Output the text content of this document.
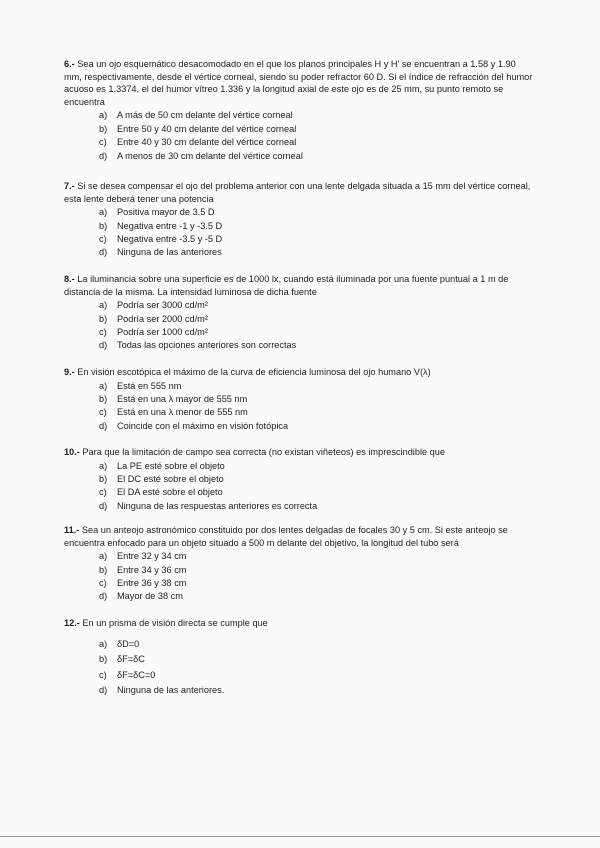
6.- Sea un ojo esquemático desacomodado en el que los planos principales H y H' se encuentran a 1.58 y 1.90 mm, respectivamente, desde el vértice corneal, siendo su poder refractor 60 D. Si el índice de refracción del humor acuoso es 1.3374, el del humor vítreo 1.336 y la longitud axial de este ojo es de 25 mm, su punto remoto se encuentra

a) A más de 50 cm delante del vértice corneal
b) Entre 50 y 40 cm delante del vértice corneal
c) Entre 40 y 30 cm delante del vértice corneal
d) A menos de 30 cm delante del vértice corneal

7.- Si se desea compensar el ojo del problema anterior con una lente delgada situada a 15 mm del vértice corneal, esta lente deberá tener una potencia

a) Positiva mayor de 3.5 D
b) Negativa entre -1 y -3.5 D
c) Negativa entre -3.5 y -5 D
d) Ninguna de las anteriores

8.- La iluminancia sobre una superficie es de 1000 lx, cuando está iluminada por una fuente puntual a 1 m de distancia de la misma. La intensidad luminosa de dicha fuente

a) Podría ser 3000 cd/m²
b) Podría ser 2000 cd/m²
c) Podría ser 1000 cd/m²
d) Todas las opciones anteriores son correctas

9.- En visión escotópica el máximo de la curva de eficiencia luminosa del ojo humano V(λ)

a) Está en 555 nm
b) Está en una λ mayor de 555 nm
c) Está en una λ menor de 555 nm
d) Coincide con el máximo en visión fotópica

10.- Para que la limitación de campo sea correcta (no existan viñeteos) es imprescindible que

a) La PE esté sobre el objeto
b) El DC esté sobre el objeto
c) El DA esté sobre el objeto
d) Ninguna de las respuestas anteriores es correcta

11.- Sea un anteojo astronómico constituido por dos lentes delgadas de focales 30 y 5 cm. Si este anteojo se encuentra enfocado para un objeto situado a 500 m delante del objetivo, la longitud del tubo será

a) Entre 32 y 34 cm
b) Entre 34 y 36 cm
c) Entre 36 y 38 cm
d) Mayor de 38 cm

12.- En un prisma de visión directa se cumple que

a) δD=0
b) δF=δC
c) δF=δC=0
d) Ninguna de las anteriores.
